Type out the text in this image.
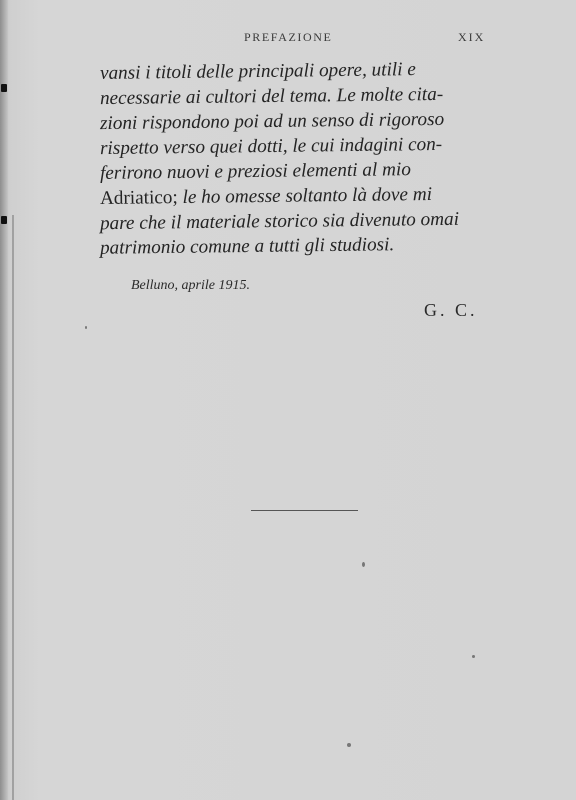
PREFAZIONE	XIX
vansi i titoli delle principali opere, utili e
necessarie ai cultori del tema. Le molte cita-
zioni rispondono poi ad un senso di rigoroso
rispetto verso quei dotti, le cui indagini con-
ferirono nuovi e preziosi elementi al mio
Adriatico; le ho omesse soltanto là dove mi
pare che il materiale storico sia divenuto omai
patrimonio comune a tutti gli studiosi.
Belluno, aprile 1915.
G. C.
